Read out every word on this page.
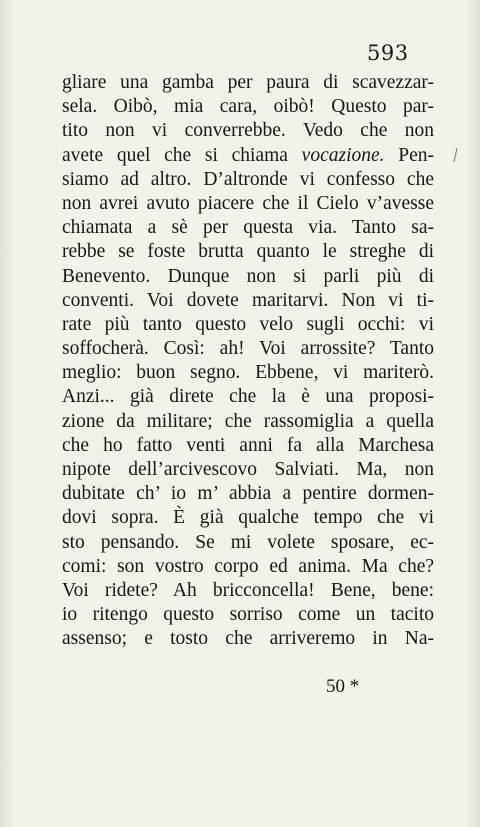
593
gliare una gamba per paura di scavezzar-
sela. Oibò, mia cara, oibò! Questo par-
tito non vi converrebbe. Vedo che non
avete quel che si chiama vocazione. Pen-
siamo ad altro. D’altronde vi confesso che
non avrei avuto piacere che il Cielo v’avesse
chiamata a sè per questa via. Tanto sa-
rebbe se foste brutta quanto le streghe di
Benevento. Dunque non si parli più di
conventi. Voi dovete maritarvi. Non vi ti-
rate più tanto questo velo sugli occhi: vi
soffocherà. Così: ah! Voi arrossite? Tanto
meglio: buon segno. Ebbene, vi mariterò.
Anzi... già direte che la è una proposi-
zione da militare; che rassomiglia a quella
che ho fatto venti anni fa alla Marchesa
nipote dell’arcivescovo Salviati. Ma, non
dubitate ch’ io m’ abbia a pentire dormen-
dovi sopra. È già qualche tempo che vi
sto pensando. Se mi volete sposare, ec-
comi: son vostro corpo ed anima. Ma che?
Voi ridete? Ah bricconcella! Bene, bene:
io ritengo questo sorriso come un tacito
assenso; e tosto che arriveremo in Na-
50 *
